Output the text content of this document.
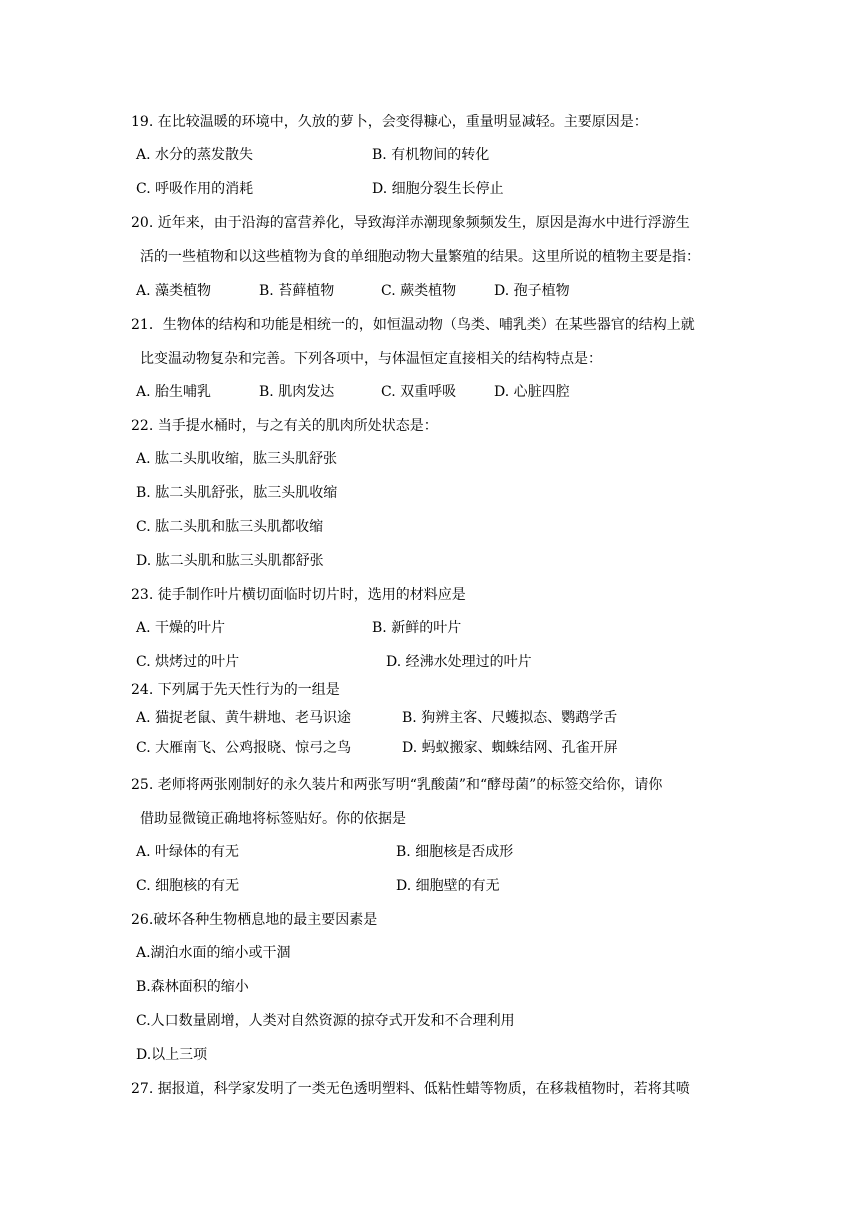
19. 在比较温暖的环境中，久放的萝卜，会变得糠心，重量明显减轻。主要原因是：
A. 水分的蒸发散失	B. 有机物间的转化
C. 呼吸作用的消耗	D. 细胞分裂生长停止
20. 近年来，由于沿海的富营养化，导致海洋赤潮现象频频发生，原因是海水中进行浮游生
活的一些植物和以这些植物为食的单细胞动物大量繁殖的结果。这里所说的植物主要是指：
A. 藻类植物	B. 苔藓植物	C. 蕨类植物	D. 孢子植物
21．生物体的结构和功能是相统一的，如恒温动物（鸟类、哺乳类）在某些器官的结构上就
比变温动物复杂和完善。下列各项中，与体温恒定直接相关的结构特点是：
A. 胎生哺乳	B. 肌肉发达	C. 双重呼吸	D. 心脏四腔
22. 当手提水桶时，与之有关的肌肉所处状态是：
A. 肱二头肌收缩，肱三头肌舒张
B. 肱二头肌舒张，肱三头肌收缩
C. 肱二头肌和肱三头肌都收缩
D. 肱二头肌和肱三头肌都舒张
23. 徒手制作叶片横切面临时切片时，选用的材料应是
A. 干燥的叶片	B. 新鲜的叶片
C. 烘烤过的叶片	D. 经沸水处理过的叶片
24. 下列属于先天性行为的一组是
A. 猫捉老鼠、黄牛耕地、老马识途	B. 狗辨主客、尺蠖拟态、鹦鹉学舌
C. 大雁南飞、公鸡报晓、惊弓之鸟	D. 蚂蚁搬家、蜘蛛结网、孔雀开屏
25. 老师将两张刚制好的永久装片和两张写明“乳酸菌”和“酵母菌”的标签交给你，请你
借助显微镜正确地将标签贴好。你的依据是
A. 叶绿体的有无	B. 细胞核是否成形
C. 细胞核的有无	D. 细胞壁的有无
26.破坏各种生物栖息地的最主要因素是
A.湖泊水面的缩小或干涸
B.森林面积的缩小
C.人口数量剧增，人类对自然资源的掠夺式开发和不合理利用
D.以上三项
27. 据报道，科学家发明了一类无色透明塑料、低粘性蜡等物质，在移栽植物时，若将其喷
